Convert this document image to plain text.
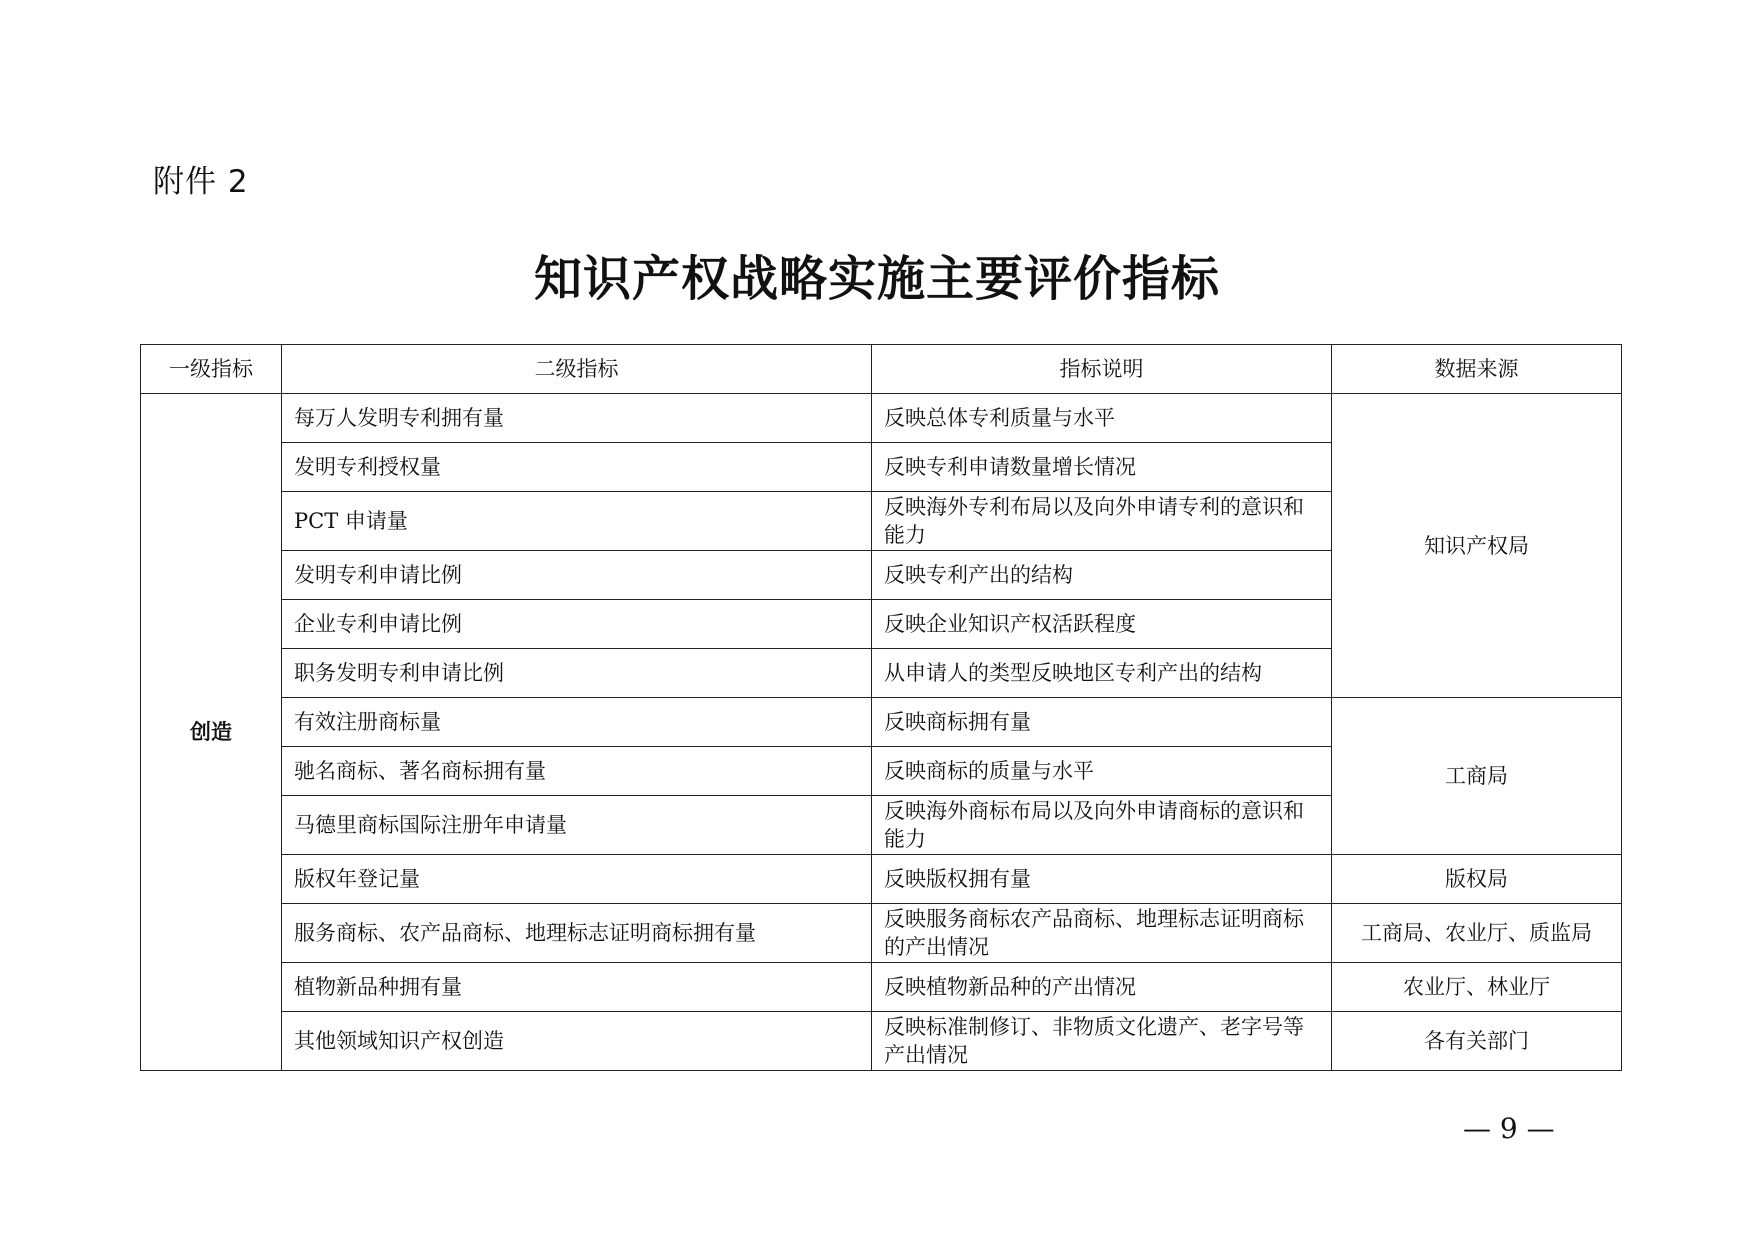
附件 2
知识产权战略实施主要评价指标
一级指标	二级指标	指标说明	数据来源
创造	每万人发明专利拥有量	反映总体专利质量与水平	知识产权局
	发明专利授权量	反映专利申请数量增长情况	
	PCT 申请量	反映海外专利布局以及向外申请专利的意识和能力	
	发明专利申请比例	反映专利产出的结构	
	企业专利申请比例	反映企业知识产权活跃程度	
	职务发明专利申请比例	从申请人的类型反映地区专利产出的结构	
	有效注册商标量	反映商标拥有量	工商局
	驰名商标、著名商标拥有量	反映商标的质量与水平	
	马德里商标国际注册年申请量	反映海外商标布局以及向外申请商标的意识和能力	
	版权年登记量	反映版权拥有量	版权局
	服务商标、农产品商标、地理标志证明商标拥有量	反映服务商标农产品商标、地理标志证明商标的产出情况	工商局、农业厅、质监局
	植物新品种拥有量	反映植物新品种的产出情况	农业厅、林业厅
	其他领域知识产权创造	反映标准制修订、非物质文化遗产、老字号等产出情况	各有关部门
— 9 —
